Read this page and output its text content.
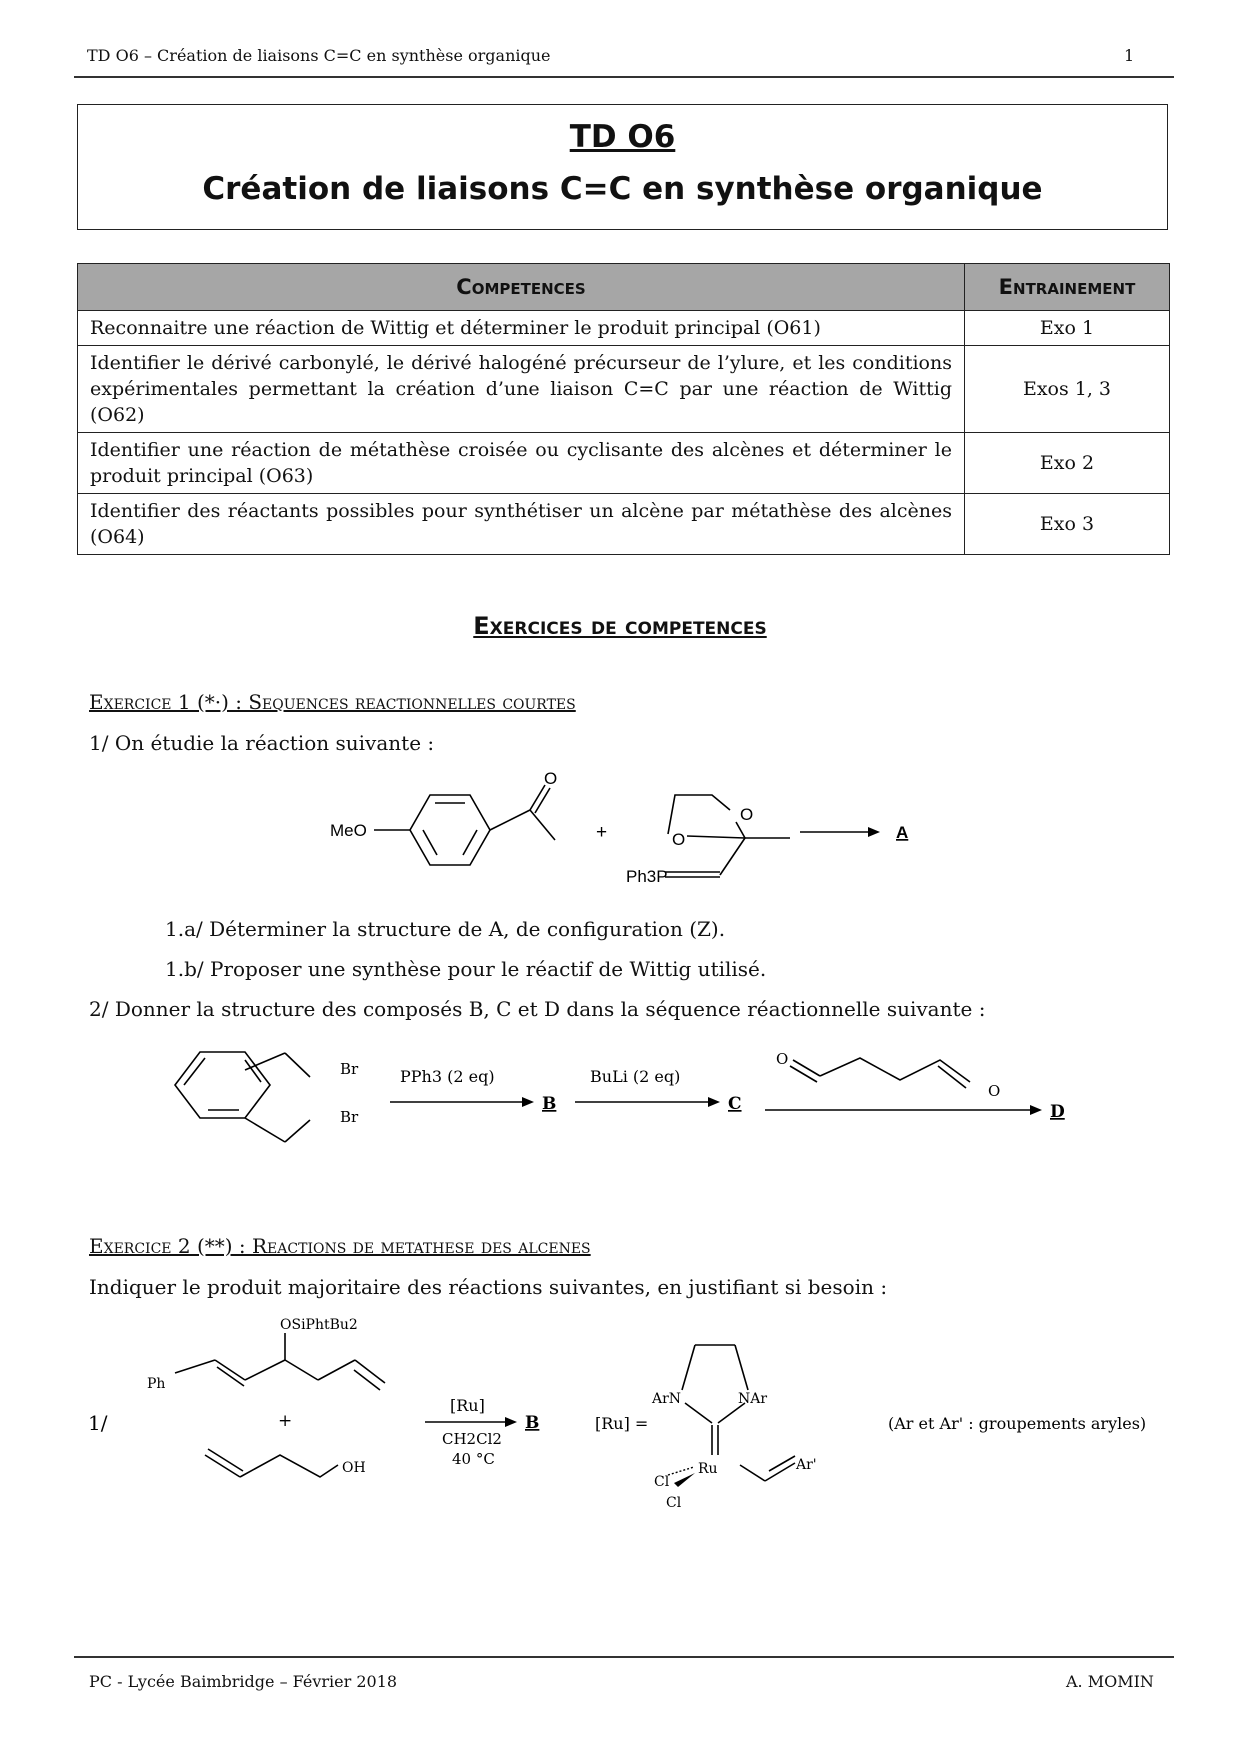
TD O6 – Création de liaisons C=C en synthèse organique	1
TD O6
Création de liaisons C=C en synthèse organique
Competences	Entrainement
Reconnaitre une réaction de Wittig et déterminer le produit principal (O61)	Exo 1
Identifier le dérivé carbonylé, le dérivé halogéné précurseur de l’ylure, et les conditions expérimentales permettant la création d’une liaison C=C par une réaction de Wittig (O62)	Exos 1, 3
Identifier une réaction de métathèse croisée ou cyclisante des alcènes et déterminer le produit principal (O63)	Exo 2
Identifier des réactants possibles pour synthétiser un alcène par métathèse des alcènes (O64)	Exo 3
Exercices de competences
Exercice 1 (*·) : Sequences reactionnelles courtes
1/ On étudie la réaction suivante :
MeO
O
+
O
O
Ph3P
A
1.a/ Déterminer la structure de A, de configuration (Z).
1.b/ Proposer une synthèse pour le réactif de Wittig utilisé.
2/ Donner la structure des composés B, C et D dans la séquence réactionnelle suivante :
Br
Br
PPh3 (2 eq)
B
BuLi (2 eq)
C
O
O
D
Exercice 2 (**) : Reactions de metathese des alcenes
Indiquer le produit majoritaire des réactions suivantes, en justifiant si besoin :
1/
OSiPhtBu2
Ph
+
OH
[Ru]
CH2Cl2
40 °C
B	[Ru] =
ArN	NAr
Ru
Cl
Cl
Ar'
(Ar et Ar' : groupements aryles)
PC - Lycée Baimbridge – Février 2018	A. MOMIN
